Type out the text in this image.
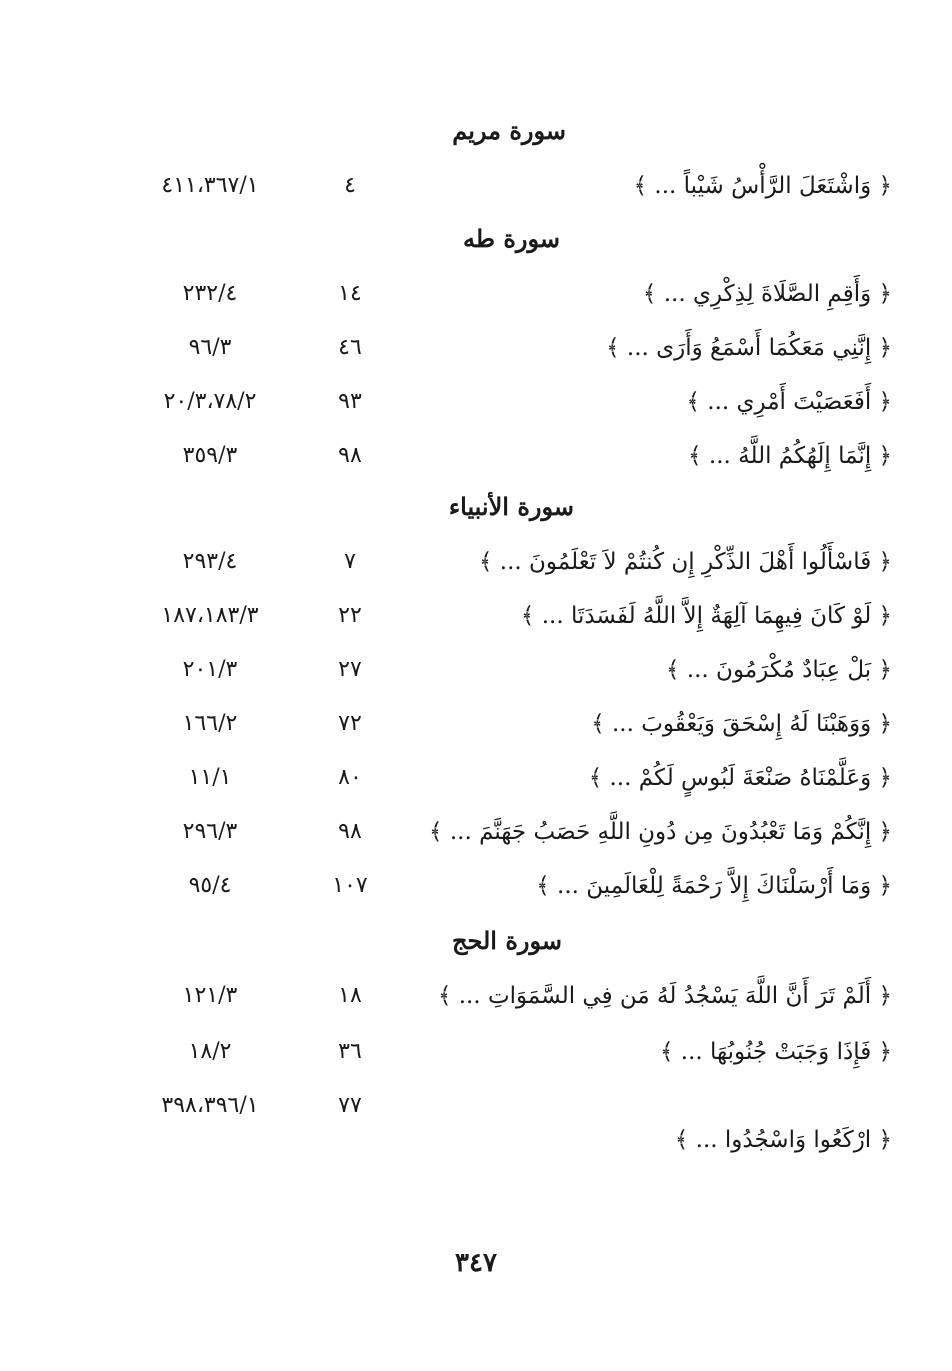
سورة مريم
﴿ وَاشْتَعَلَ الرَّأْسُ شَيْباً ... ﴾
٤
٤١١،٣٦٧/١
سورة طه
﴿ وَأَقِمِ الصَّلَاةَ لِذِكْرِي ... ﴾
١٤
٢٣٢/٤
﴿ إِنَّنِي مَعَكُمَا أَسْمَعُ وَأَرَى ... ﴾
٤٦
٩٦/٣
﴿ أَفَعَصَيْتَ أَمْرِي ... ﴾
٩٣
٢٠/٣،٧٨/٢
﴿ إِنَّمَا إِلَهُكُمُ اللَّهُ ... ﴾
٩٨
٣٥٩/٣
سورة الأنبياء
﴿ فَاسْأَلُوا أَهْلَ الذِّكْرِ إِن كُنتُمْ لاَ تَعْلَمُونَ ... ﴾
٧
٢٩٣/٤
﴿ لَوْ كَانَ فِيهِمَا آلِهَةٌ إِلاَّ اللَّهُ لَفَسَدَتَا ... ﴾
٢٢
١٨٧،١٨٣/٣
﴿ بَلْ عِبَادٌ مُكْرَمُونَ ... ﴾
٢٧
٢٠١/٣
﴿ وَوَهَبْنَا لَهُ إِسْحَقَ وَيَعْقُوبَ ... ﴾
٧٢
١٦٦/٢
﴿ وَعَلَّمْنَاهُ صَنْعَةَ لَبُوسٍ لَكُمْ ... ﴾
٨٠
١١/١
﴿ إِنَّكُمْ وَمَا تَعْبُدُونَ مِن دُونِ اللَّهِ حَصَبُ جَهَنَّمَ ... ﴾
٩٨
٢٩٦/٣
﴿ وَمَا أَرْسَلْنَاكَ إِلاَّ رَحْمَةً لِلْعَالَمِينَ ... ﴾
١٠٧
٩٥/٤
سورة الحج
﴿ أَلَمْ تَرَ أَنَّ اللَّهَ يَسْجُدُ لَهُ مَن فِي السَّمَوَاتِ ... ﴾
١٨
١٢١/٣
﴿ فَإِذَا وَجَبَتْ جُنُوبُهَا ... ﴾
٣٦
١٨/٢
٧٧
٣٩٨،٣٩٦/١
﴿ ارْكَعُوا وَاسْجُدُوا ... ﴾
٣٤٧
